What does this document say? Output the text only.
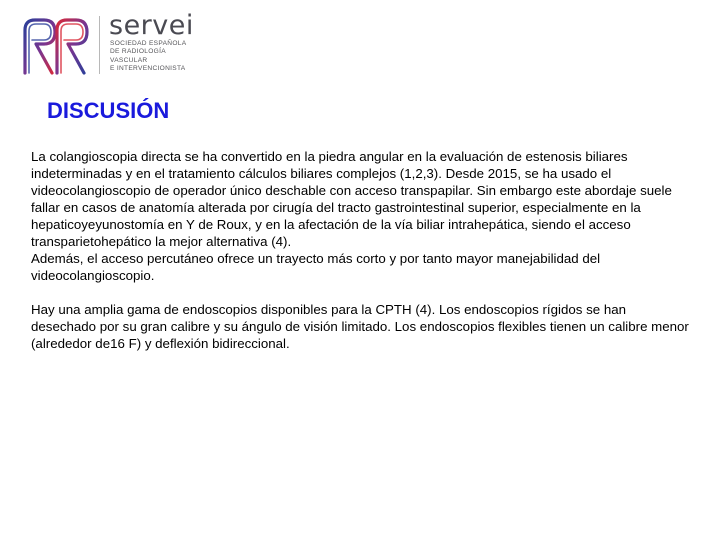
servei
SOCIEDAD ESPAÑOLA
DE RADIOLOGÍA
VASCULAR
E INTERVENCIONISTA
DISCUSIÓN

La colangioscopia directa se ha convertido en la piedra angular en la evaluación de estenosis biliares indeterminadas y en el tratamiento cálculos biliares complejos (1,2,3). Desde 2015, se ha usado el videocolangioscopio de operador único deschable con acceso transpapilar. Sin embargo este abordaje suele fallar en casos de anatomía alterada por cirugía del tracto gastrointestinal superior, especialmente en la hepaticoyeyunostomía en Y de Roux, y en la afectación de la vía biliar intrahepática, siendo el acceso transparietohepático la mejor alternativa (4).

Además, el acceso percutáneo ofrece un trayecto más corto y por tanto mayor manejabilidad del videocolangioscopio.

Hay una amplia gama de endoscopios disponibles para la CPTH (4). Los endoscopios rígidos se han desechado por su gran calibre y su ángulo de visión limitado. Los endoscopios flexibles tienen un calibre menor (alrededor de16 F) y deflexión bidireccional.
